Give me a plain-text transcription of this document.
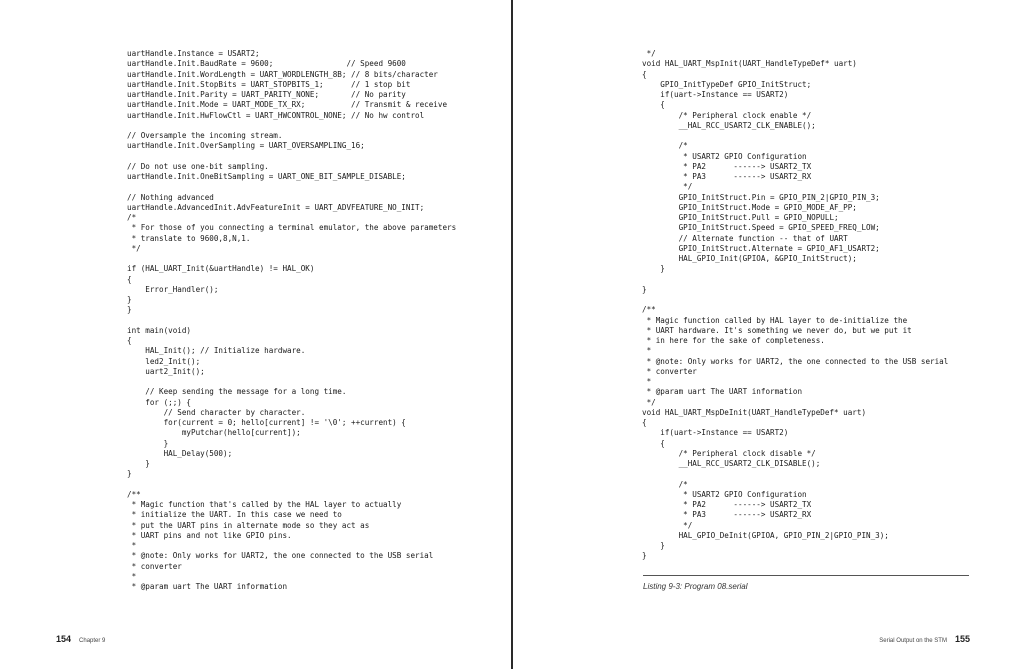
uartHandle.Instance = USART2;
uartHandle.Init.BaudRate = 9600;                // Speed 9600
uartHandle.Init.WordLength = UART_WORDLENGTH_8B; // 8 bits/character
uartHandle.Init.StopBits = UART_STOPBITS_1;      // 1 stop bit
uartHandle.Init.Parity = UART_PARITY_NONE;       // No parity
uartHandle.Init.Mode = UART_MODE_TX_RX;          // Transmit & receive
uartHandle.Init.HwFlowCtl = UART_HWCONTROL_NONE; // No hw control

// Oversample the incoming stream.
uartHandle.Init.OverSampling = UART_OVERSAMPLING_16;

// Do not use one-bit sampling.
uartHandle.Init.OneBitSampling = UART_ONE_BIT_SAMPLE_DISABLE;

// Nothing advanced
uartHandle.AdvancedInit.AdvFeatureInit = UART_ADVFEATURE_NO_INIT;
/*
* For those of you connecting a terminal emulator, the above parameters
* translate to 9600,8,N,1.
*/

if (HAL_UART_Init(&uartHandle) != HAL_OK)
{
Error_Handler();
}
}

int main(void)
{
HAL_Init(); // Initialize hardware.
led2_Init();
uart2_Init();

// Keep sending the message for a long time.
for (;;) {
// Send character by character.
for(current = 0; hello[current] != '\0'; ++current) {
myPutchar(hello[current]);
}
HAL_Delay(500);
}
}

/**
* Magic function that's called by the HAL layer to actually
* initialize the UART. In this case we need to
* put the UART pins in alternate mode so they act as
* UART pins and not like GPIO pins.
*
* @note: Only works for UART2, the one connected to the USB serial
* converter
*
* @param uart The UART information
154 Chapter 9
*/
void HAL_UART_MspInit(UART_HandleTypeDef* uart)
{
GPIO_InitTypeDef GPIO_InitStruct;
if(uart->Instance == USART2)
{
/* Peripheral clock enable */
__HAL_RCC_USART2_CLK_ENABLE();

/*
* USART2 GPIO Configuration
* PA2      ------> USART2_TX
* PA3      ------> USART2_RX
*/
GPIO_InitStruct.Pin = GPIO_PIN_2|GPIO_PIN_3;
GPIO_InitStruct.Mode = GPIO_MODE_AF_PP;
GPIO_InitStruct.Pull = GPIO_NOPULL;
GPIO_InitStruct.Speed = GPIO_SPEED_FREQ_LOW;
// Alternate function -- that of UART
GPIO_InitStruct.Alternate = GPIO_AF1_USART2;
HAL_GPIO_Init(GPIOA, &GPIO_InitStruct);
}

}

/**
* Magic function called by HAL layer to de-initialize the
* UART hardware. It's something we never do, but we put it
* in here for the sake of completeness.
*
* @note: Only works for UART2, the one connected to the USB serial
* converter
*
* @param uart The UART information
*/
void HAL_UART_MspDeInit(UART_HandleTypeDef* uart)
{
if(uart->Instance == USART2)
{
/* Peripheral clock disable */
__HAL_RCC_USART2_CLK_DISABLE();

/*
* USART2 GPIO Configuration
* PA2      ------> USART2_TX
* PA3      ------> USART2_RX
*/
HAL_GPIO_DeInit(GPIOA, GPIO_PIN_2|GPIO_PIN_3);
}
}
Listing 9-3: Program 08.serial
Serial Output on the STM 155
